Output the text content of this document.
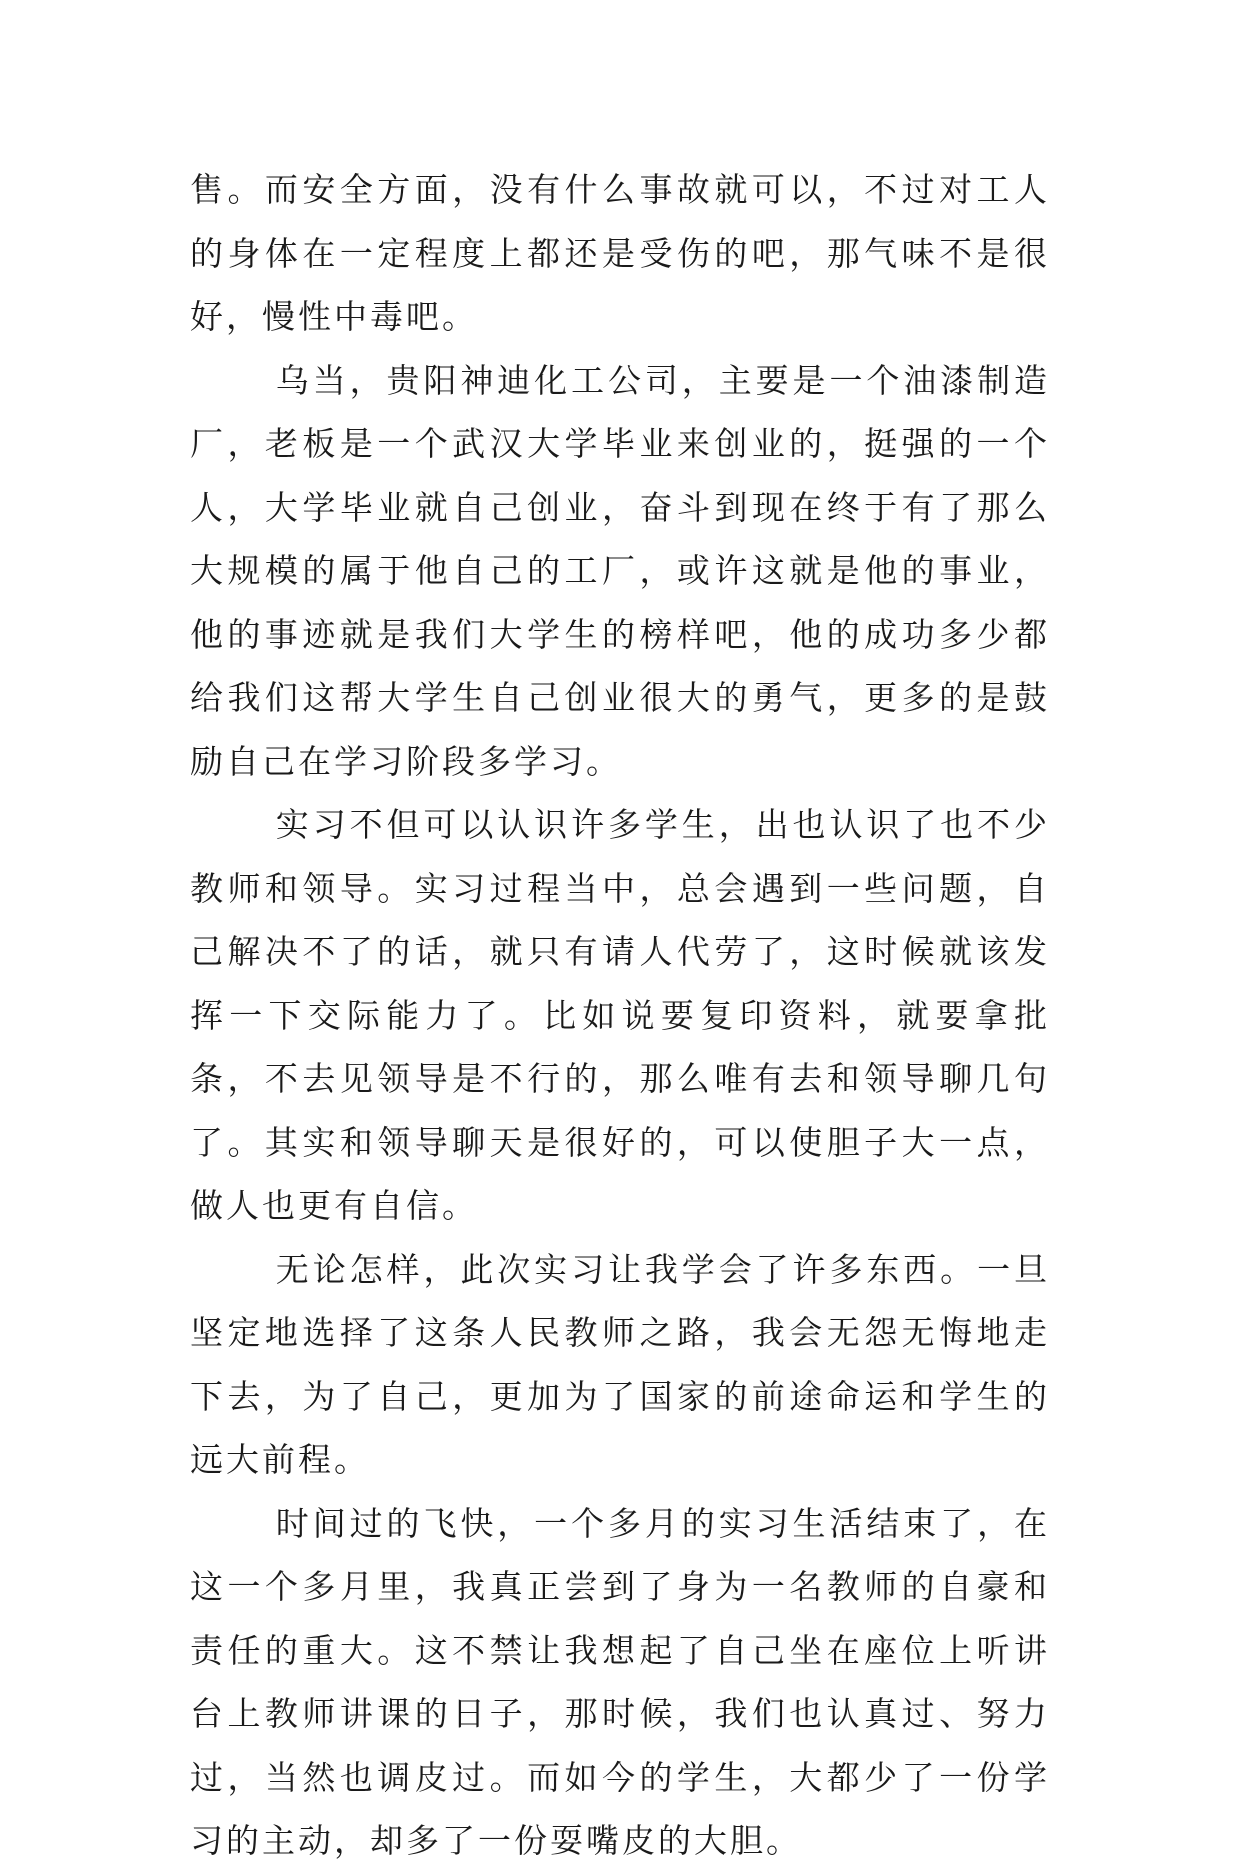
售。而安全方面，没有什么事故就可以，不过对工人的身体在一定程度上都还是受伤的吧，那气味不是很好，慢性中毒吧。

乌当，贵阳神迪化工公司，主要是一个油漆制造厂，老板是一个武汉大学毕业来创业的，挺强的一个人，大学毕业就自己创业，奋斗到现在终于有了那么大规模的属于他自己的工厂，或许这就是他的事业，他的事迹就是我们大学生的榜样吧，他的成功多少都给我们这帮大学生自己创业很大的勇气，更多的是鼓励自己在学习阶段多学习。

实习不但可以认识许多学生，出也认识了也不少教师和领导。实习过程当中，总会遇到一些问题，自己解决不了的话，就只有请人代劳了，这时候就该发挥一下交际能力了。比如说要复印资料，就要拿批条，不去见领导是不行的，那么唯有去和领导聊几句了。其实和领导聊天是很好的，可以使胆子大一点，做人也更有自信。

无论怎样，此次实习让我学会了许多东西。一旦坚定地选择了这条人民教师之路，我会无怨无悔地走下去，为了自己，更加为了国家的前途命运和学生的远大前程。

时间过的飞快，一个多月的实习生活结束了，在这一个多月里，我真正尝到了身为一名教师的自豪和责任的重大。这不禁让我想起了自己坐在座位上听讲台上教师讲课的日子，那时候，我们也认真过、努力过，当然也调皮过。而如今的学生，大都少了一份学习的主动，却多了一份耍嘴皮的大胆。
